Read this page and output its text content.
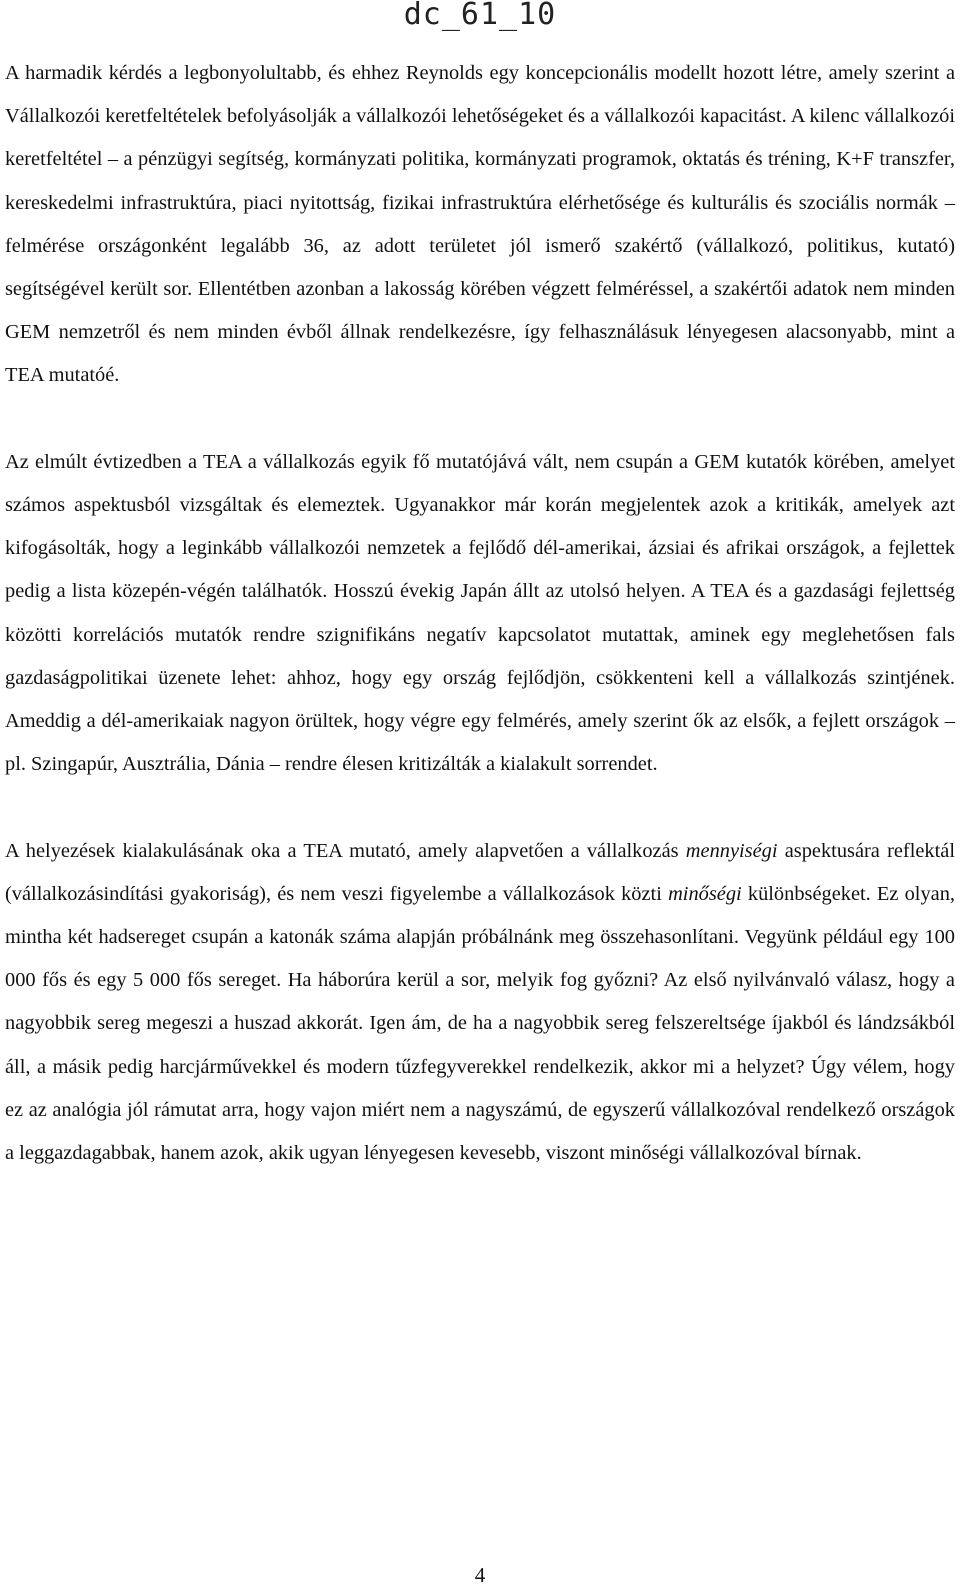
dc_61_10

A harmadik kérdés a legbonyolultabb, és ehhez Reynolds egy koncepcionális modellt hozott létre, amely szerint a Vállalkozói keretfeltételek befolyásolják a vállalkozói lehetőségeket és a vállalkozói kapacitást. A kilenc vállalkozói keretfeltétel – a pénzügyi segítség, kormányzati politika, kormányzati programok, oktatás és tréning, K+F transzfer, kereskedelmi infrastruktúra, piaci nyitottság, fizikai infrastruktúra elérhetősége és kulturális és szociális normák – felmérése országonként legalább 36, az adott területet jól ismerő szakértő (vállalkozó, politikus, kutató) segítségével került sor. Ellentétben azonban a lakosság körében végzett felméréssel, a szakértői adatok nem minden GEM nemzetről és nem minden évből állnak rendelkezésre, így felhasználásuk lényegesen alacsonyabb, mint a TEA mutatóé.

Az elmúlt évtizedben a TEA a vállalkozás egyik fő mutatójává vált, nem csupán a GEM kutatók körében, amelyet számos aspektusból vizsgáltak és elemeztek. Ugyanakkor már korán megjelentek azok a kritikák, amelyek azt kifogásolták, hogy a leginkább vállalkozói nemzetek a fejlődő dél-amerikai, ázsiai és afrikai országok, a fejlettek pedig a lista közepén-végén találhatók. Hosszú évekig Japán állt az utolsó helyen. A TEA és a gazdasági fejlettség közötti korrelációs mutatók rendre szignifikáns negatív kapcsolatot mutattak, aminek egy meglehetősen fals gazdaságpolitikai üzenete lehet: ahhoz, hogy egy ország fejlődjön, csökkenteni kell a vállalkozás szintjének. Ameddig a dél-amerikaiak nagyon örültek, hogy végre egy felmérés, amely szerint ők az elsők, a fejlett országok – pl. Szingapúr, Ausztrália, Dánia – rendre élesen kritizálták a kialakult sorrendet.

A helyezések kialakulásának oka a TEA mutató, amely alapvetően a vállalkozás mennyiségi aspektusára reflektál (vállalkozásindítási gyakoriság), és nem veszi figyelembe a vállalkozások közti minőségi különbségeket. Ez olyan, mintha két hadsereget csupán a katonák száma alapján próbálnánk meg összehasonlítani. Vegyünk például egy 100 000 fős és egy 5 000 fős sereget. Ha háborúra kerül a sor, melyik fog győzni? Az első nyilvánvaló válasz, hogy a nagyobbik sereg megeszi a huszad akkorát. Igen ám, de ha a nagyobbik sereg felszereltsége íjakból és lándzsákból áll, a másik pedig harcjárművekkel és modern tűzfegyverekkel rendelkezik, akkor mi a helyzet? Úgy vélem, hogy ez az analógia jól rámutat arra, hogy vajon miért nem a nagyszámú, de egyszerű vállalkozóval rendelkező országok a leggazdagabbak, hanem azok, akik ugyan lényegesen kevesebb, viszont minőségi vállalkozóval bírnak.

4
